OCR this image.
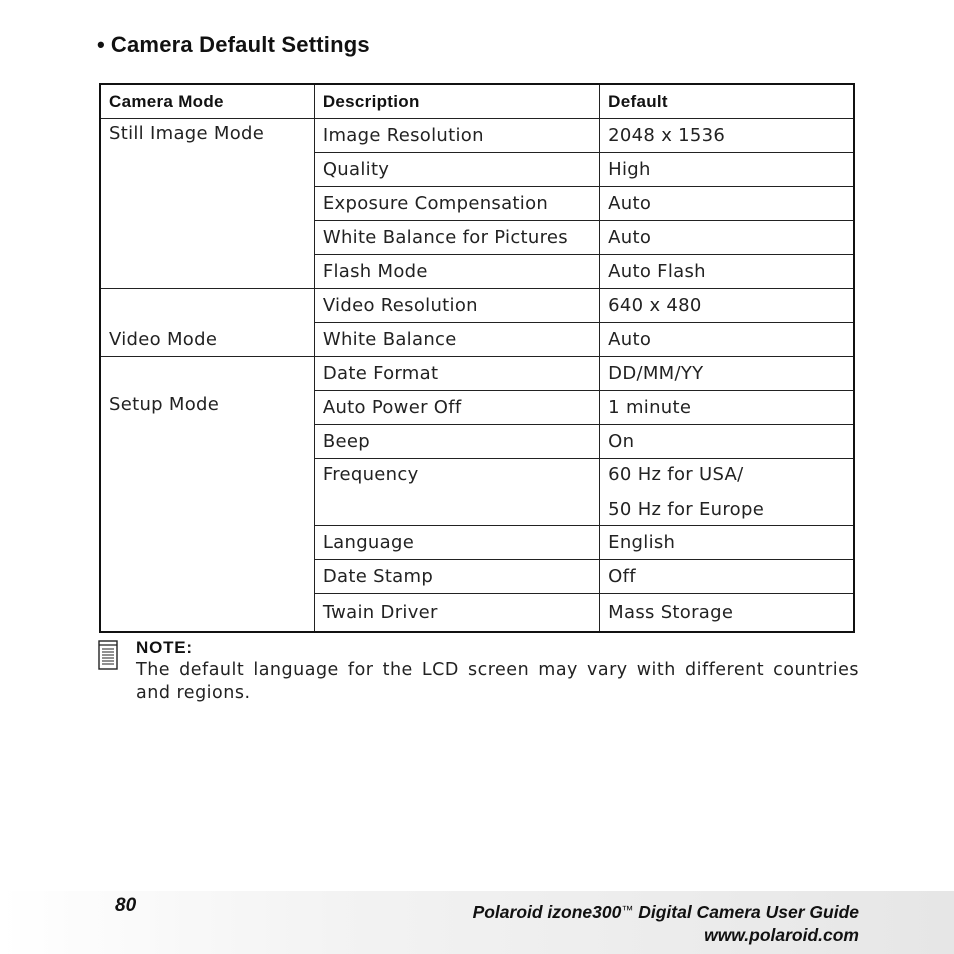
• Camera Default Settings
Camera Mode	Description	Default
Still Image Mode	Image Resolution	2048 x 1536
	Quality	High
	Exposure Compensation	Auto
	White Balance for Pictures	Auto
	Flash Mode	Auto Flash
Video Mode	Video Resolution	640 x 480
	White Balance	Auto
Setup Mode	Date Format	DD/MM/YY
	Auto Power Off	1 minute
	Beep	On
	Frequency	60 Hz for USA/
50 Hz for Europe

	Language	English
	Date Stamp	Off
	Twain Driver	Mass Storage
NOTE:
The default language for the LCD screen may vary with different countries and regions.
80	Polaroid izone300™ Digital Camera User Guide
www.polaroid.com
